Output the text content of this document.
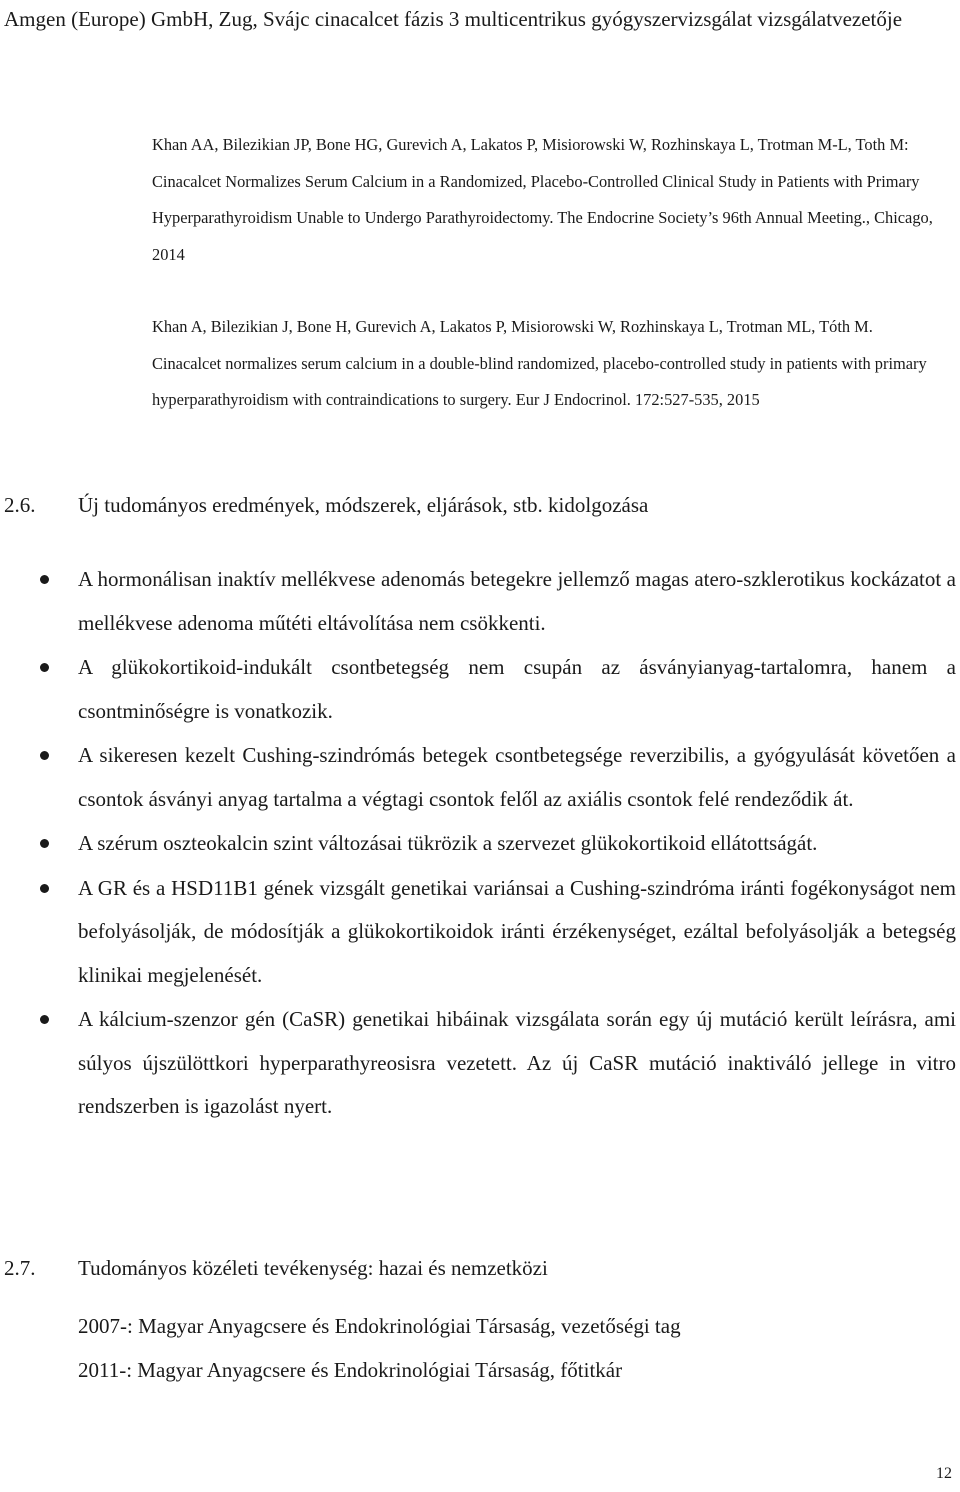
Amgen (Europe) GmbH, Zug, Svájc cinacalcet fázis 3 multicentrikus gyógyszervizsgálat vizsgálatvezetője

Khan AA, Bilezikian JP, Bone HG, Gurevich A, Lakatos P, Misiorowski W, Rozhinskaya L, Trotman M-L, Toth M: Cinacalcet Normalizes Serum Calcium in a Randomized, Placebo-Controlled Clinical Study in Patients with Primary Hyperparathyroidism Unable to Undergo Parathyroidectomy. The Endocrine Society’s 96th Annual Meeting., Chicago, 2014

Khan A, Bilezikian J, Bone H, Gurevich A, Lakatos P, Misiorowski W, Rozhinskaya L, Trotman ML, Tóth M. Cinacalcet normalizes serum calcium in a double-blind randomized, placebo-controlled study in patients with primary hyperparathyroidism with contraindications to surgery. Eur J Endocrinol. 172:527-535, 2015

2.6. Új tudományos eredmények, módszerek, eljárások, stb. kidolgozása

A hormonálisan inaktív mellékvese adenomás betegekre jellemző magas atero-szklerotikus kockázatot a mellékvese adenoma műtéti eltávolítása nem csökkenti.
A glükokortikoid-indukált csontbetegség nem csupán az ásványianyag-tartalomra, hanem a csontminőségre is vonatkozik.
A sikeresen kezelt Cushing-szindrómás betegek csontbetegsége reverzibilis, a gyógyulását követően a csontok ásványi anyag tartalma a végtagi csontok felől az axiális csontok felé rendeződik át.
A szérum oszteokalcin szint változásai tükrözik a szervezet glükokortikoid ellátottságát.
A GR és a HSD11B1 gének vizsgált genetikai variánsai a Cushing-szindróma iránti fogékonyságot nem befolyásolják, de módosítják a glükokortikoidok iránti érzékenységet, ezáltal befolyásolják a betegség klinikai megjelenését.
A kálcium-szenzor gén (CaSR) genetikai hibáinak vizsgálata során egy új mutáció került leírásra, ami súlyos újszülöttkori hyperparathyreosisra vezetett. Az új CaSR mutáció inaktiváló jellege in vitro rendszerben is igazolást nyert.

2.7. Tudományos közéleti tevékenység: hazai és nemzetközi

2007-: Magyar Anyagcsere és Endokrinológiai Társaság, vezetőségi tag

2011-: Magyar Anyagcsere és Endokrinológiai Társaság, főtitkár

12
